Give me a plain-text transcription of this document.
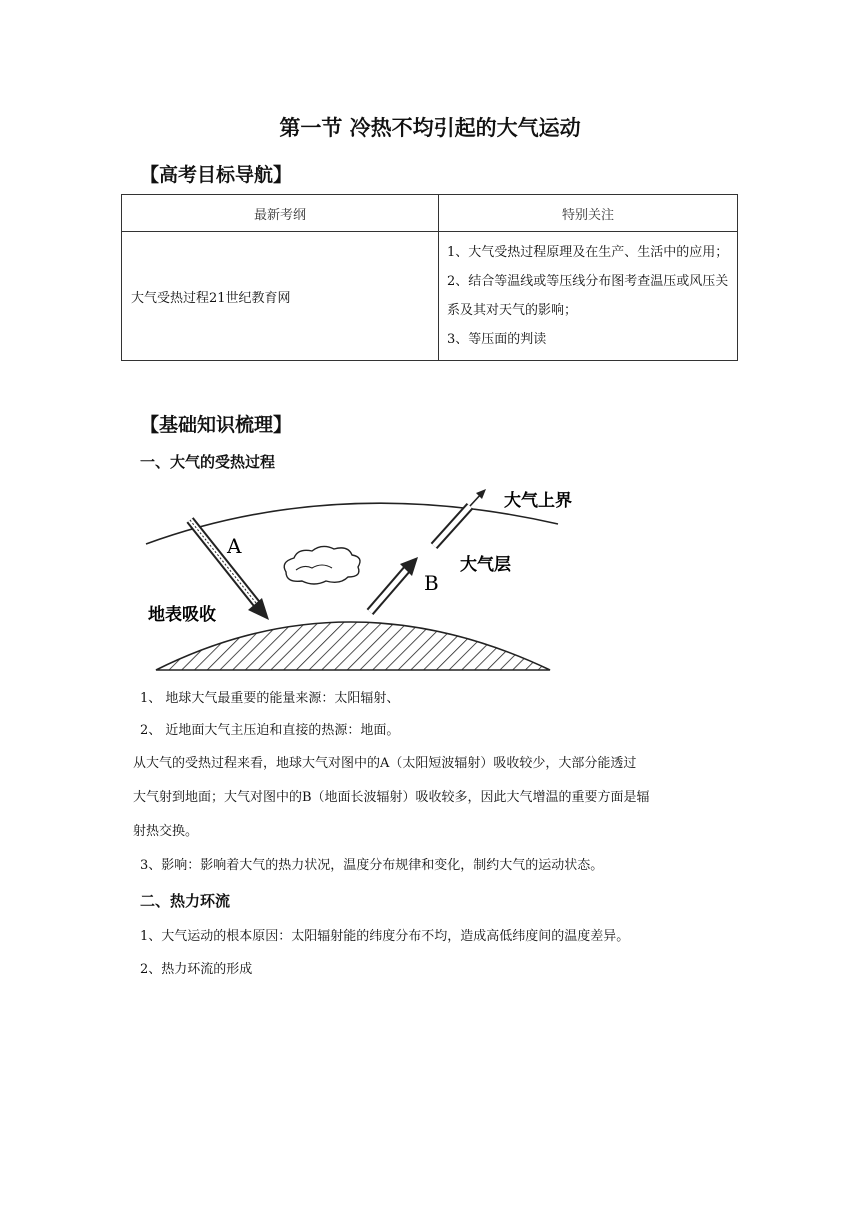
第一节 冷热不均引起的大气运动
【高考目标导航】
最新考纲	特别关注
大气受热过程21世纪教育网	1、大气受热过程原理及在生产、生活中的应用；
2、结合等温线或等压线分布图考查温压或风压关系及其对天气的影响；
3、等压面的判读
【基础知识梳理】
一、大气的受热过程
大气上界
大气层
地表吸收
A
B
1、 地球大气最重要的能量来源：太阳辐射、
2、 近地面大气主压迫和直接的热源：地面。
从大气的受热过程来看，地球大气对图中的A（太阳短波辐射）吸收较少，大部分能透过
大气射到地面；大气对图中的B（地面长波辐射）吸收较多，因此大气增温的重要方面是辐
射热交换。
3、影响：影响着大气的热力状况，温度分布规律和变化，制约大气的运动状态。
二、热力环流
1、大气运动的根本原因：太阳辐射能的纬度分布不均，造成高低纬度间的温度差异。
2、热力环流的形成
